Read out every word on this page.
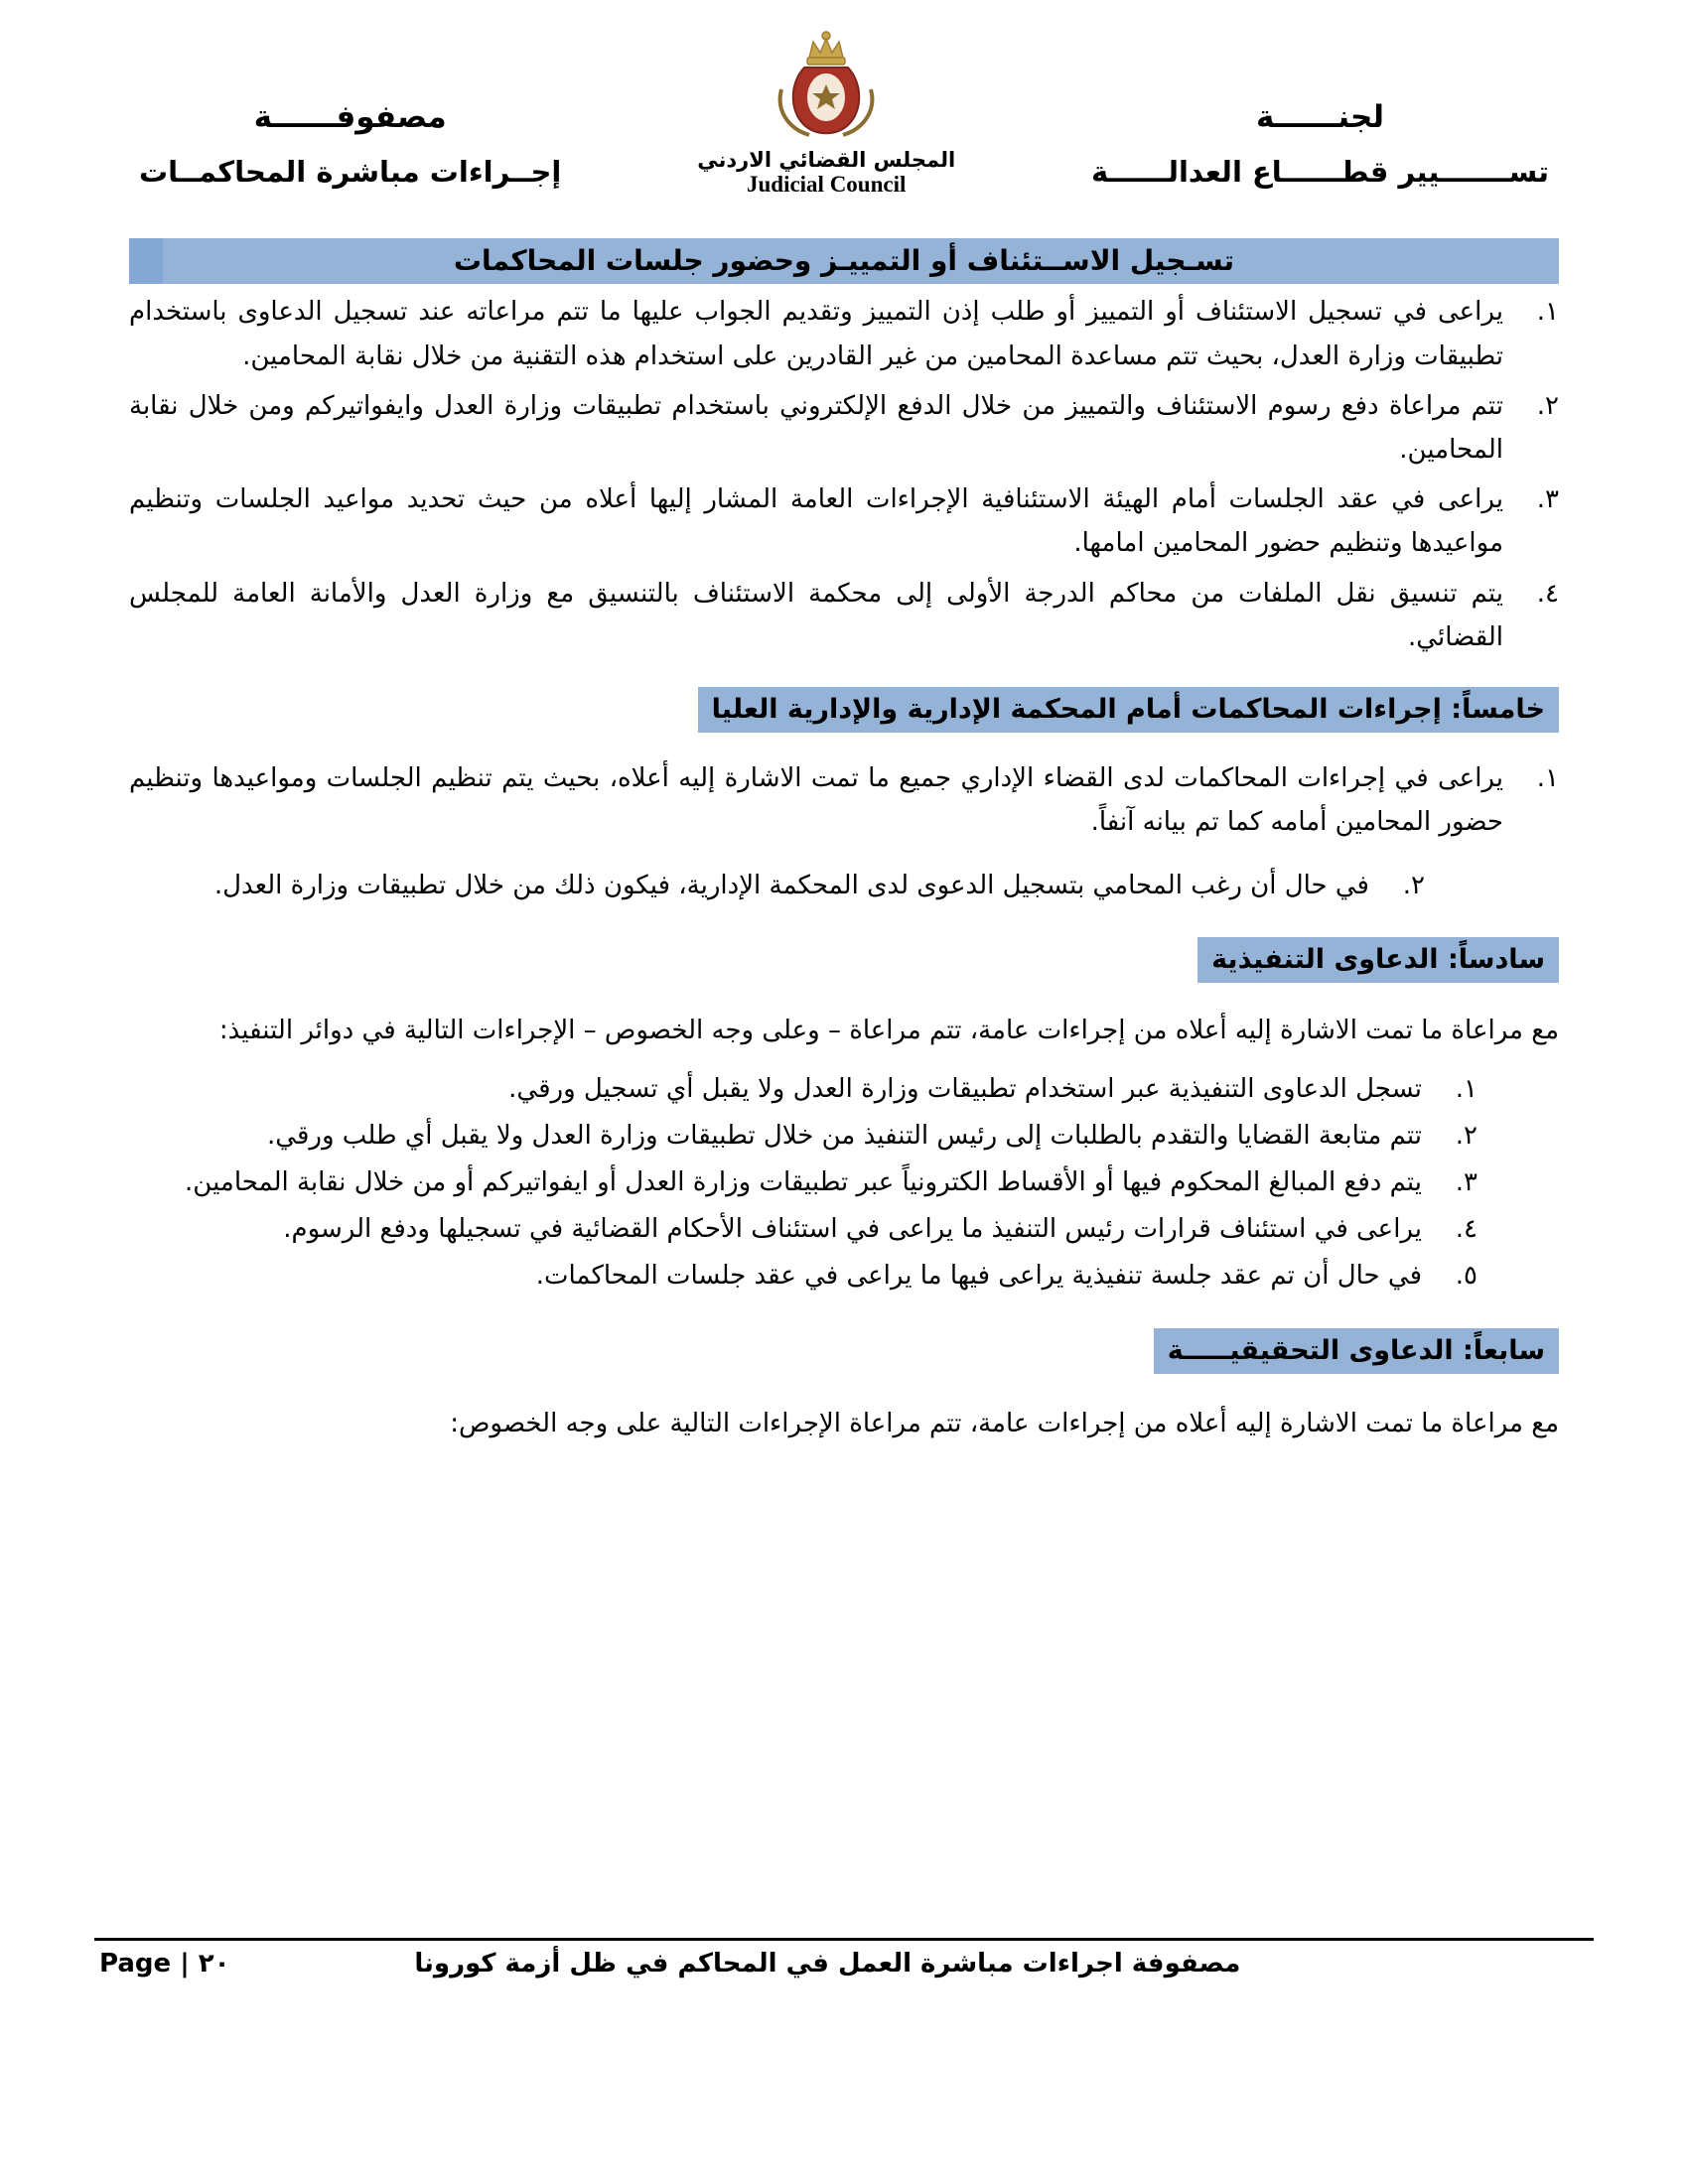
لجنــــــة
تســـــــيير قطــــــاع العدالــــــة
المجلس القضائي الاردني
Judicial Council
مصفوفــــــة
إجــراءات مباشرة المحاكمــات
تسـجيل الاســتئناف أو التمييـز وحضور جلسات المحاكمات
١.
يراعى في تسجيل الاستئناف أو التمييز أو طلب إذن التمييز وتقديم الجواب عليها ما تتم مراعاته عند تسجيل الدعاوى باستخدام تطبيقات وزارة العدل، بحيث تتم مساعدة المحامين من غير القادرين على استخدام هذه التقنية من خلال نقابة المحامين.
٢.
تتم مراعاة دفع رسوم الاستئناف والتمييز من خلال الدفع الإلكتروني باستخدام تطبيقات وزارة العدل وايفواتيركم ومن خلال نقابة المحامين.
٣.
يراعى في عقد الجلسات أمام الهيئة الاستئنافية الإجراءات العامة المشار إليها أعلاه من حيث تحديد مواعيد الجلسات وتنظيم مواعيدها وتنظيم حضور المحامين امامها.
٤.
يتم تنسيق نقل الملفات من محاكم الدرجة الأولى إلى محكمة الاستئناف بالتنسيق مع وزارة العدل والأمانة العامة للمجلس القضائي.
خامساً: إجراءات المحاكمات أمام المحكمة الإدارية والإدارية العليا
١.
يراعى في إجراءات المحاكمات لدى القضاء الإداري جميع ما تمت الاشارة إليه أعلاه، بحيث يتم تنظيم الجلسات ومواعيدها وتنظيم حضور المحامين أمامه كما تم بيانه آنفاً.
٢.
في حال أن رغب المحامي بتسجيل الدعوى لدى المحكمة الإدارية، فيكون ذلك من خلال تطبيقات وزارة العدل.
سادساً: الدعاوى التنفيذية

مع مراعاة ما تمت الاشارة إليه أعلاه من إجراءات عامة، تتم مراعاة – وعلى وجه الخصوص – الإجراءات التالية في دوائر التنفيذ:

١.
تسجل الدعاوى التنفيذية عبر استخدام تطبيقات وزارة العدل ولا يقبل أي تسجيل ورقي.
٢.
تتم متابعة القضايا والتقدم بالطلبات إلى رئيس التنفيذ من خلال تطبيقات وزارة العدل ولا يقبل أي طلب ورقي.
٣.
يتم دفع المبالغ المحكوم فيها أو الأقساط الكترونياً عبر تطبيقات وزارة العدل أو ايفواتيركم أو من خلال نقابة المحامين.
٤.
يراعى في استئناف قرارات رئيس التنفيذ ما يراعى في استئناف الأحكام القضائية في تسجيلها ودفع الرسوم.
٥.
في حال أن تم عقد جلسة تنفيذية يراعى فيها ما يراعى في عقد جلسات المحاكمات.
سابعاً: الدعاوى التحقيقيـــــة

مع مراعاة ما تمت الاشارة إليه أعلاه من إجراءات عامة، تتم مراعاة الإجراءات التالية على وجه الخصوص:

مصفوفة اجراءات مباشرة العمل في المحاكم في ظل أزمة كورونا
Page | ٢٠
